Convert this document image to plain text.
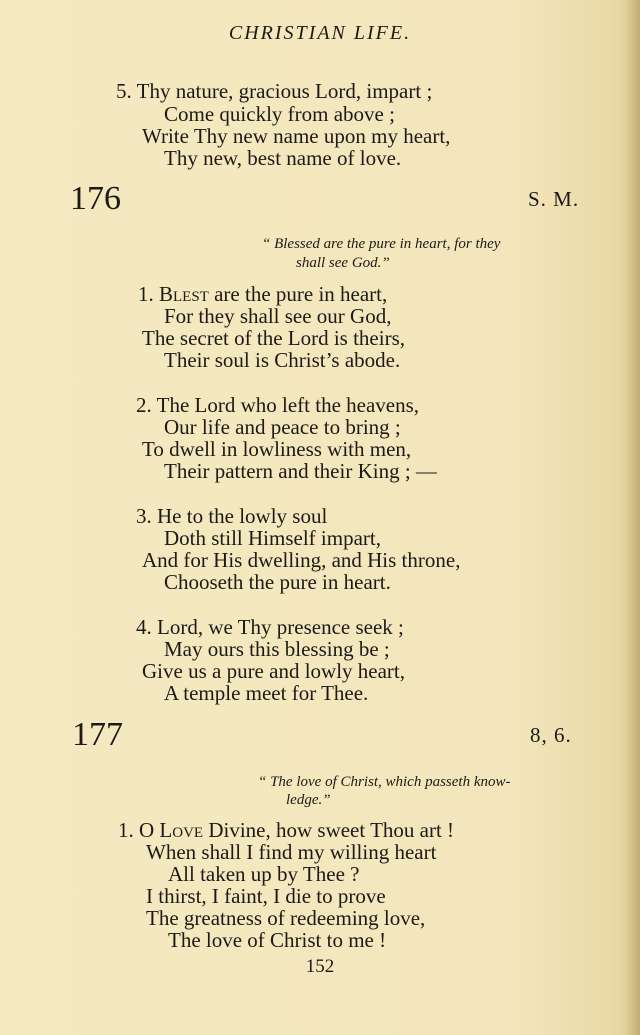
CHRISTIAN LIFE.
5. Thy nature, gracious Lord, impart ;
Come quickly from above ;
Write Thy new name upon my heart,
Thy new, best name of love.
176	S. M.
“ Blessed are the pure in heart, for they
shall see God.”
1. Blest are the pure in heart,
For they shall see our God,
The secret of the Lord is theirs,
Their soul is Christ’s abode.
2. The Lord who left the heavens,
Our life and peace to bring ;
To dwell in lowliness with men,
Their pattern and their King ; —
3. He to the lowly soul
Doth still Himself impart,
And for His dwelling, and His throne,
Chooseth the pure in heart.
4. Lord, we Thy presence seek ;
May ours this blessing be ;
Give us a pure and lowly heart,
A temple meet for Thee.
177	8, 6.
“ The love of Christ, which passeth know-
ledge.”
1. O Love Divine, how sweet Thou art !
When shall I find my willing heart
All taken up by Thee ?
I thirst, I faint, I die to prove
The greatness of redeeming love,
The love of Christ to me !
152
